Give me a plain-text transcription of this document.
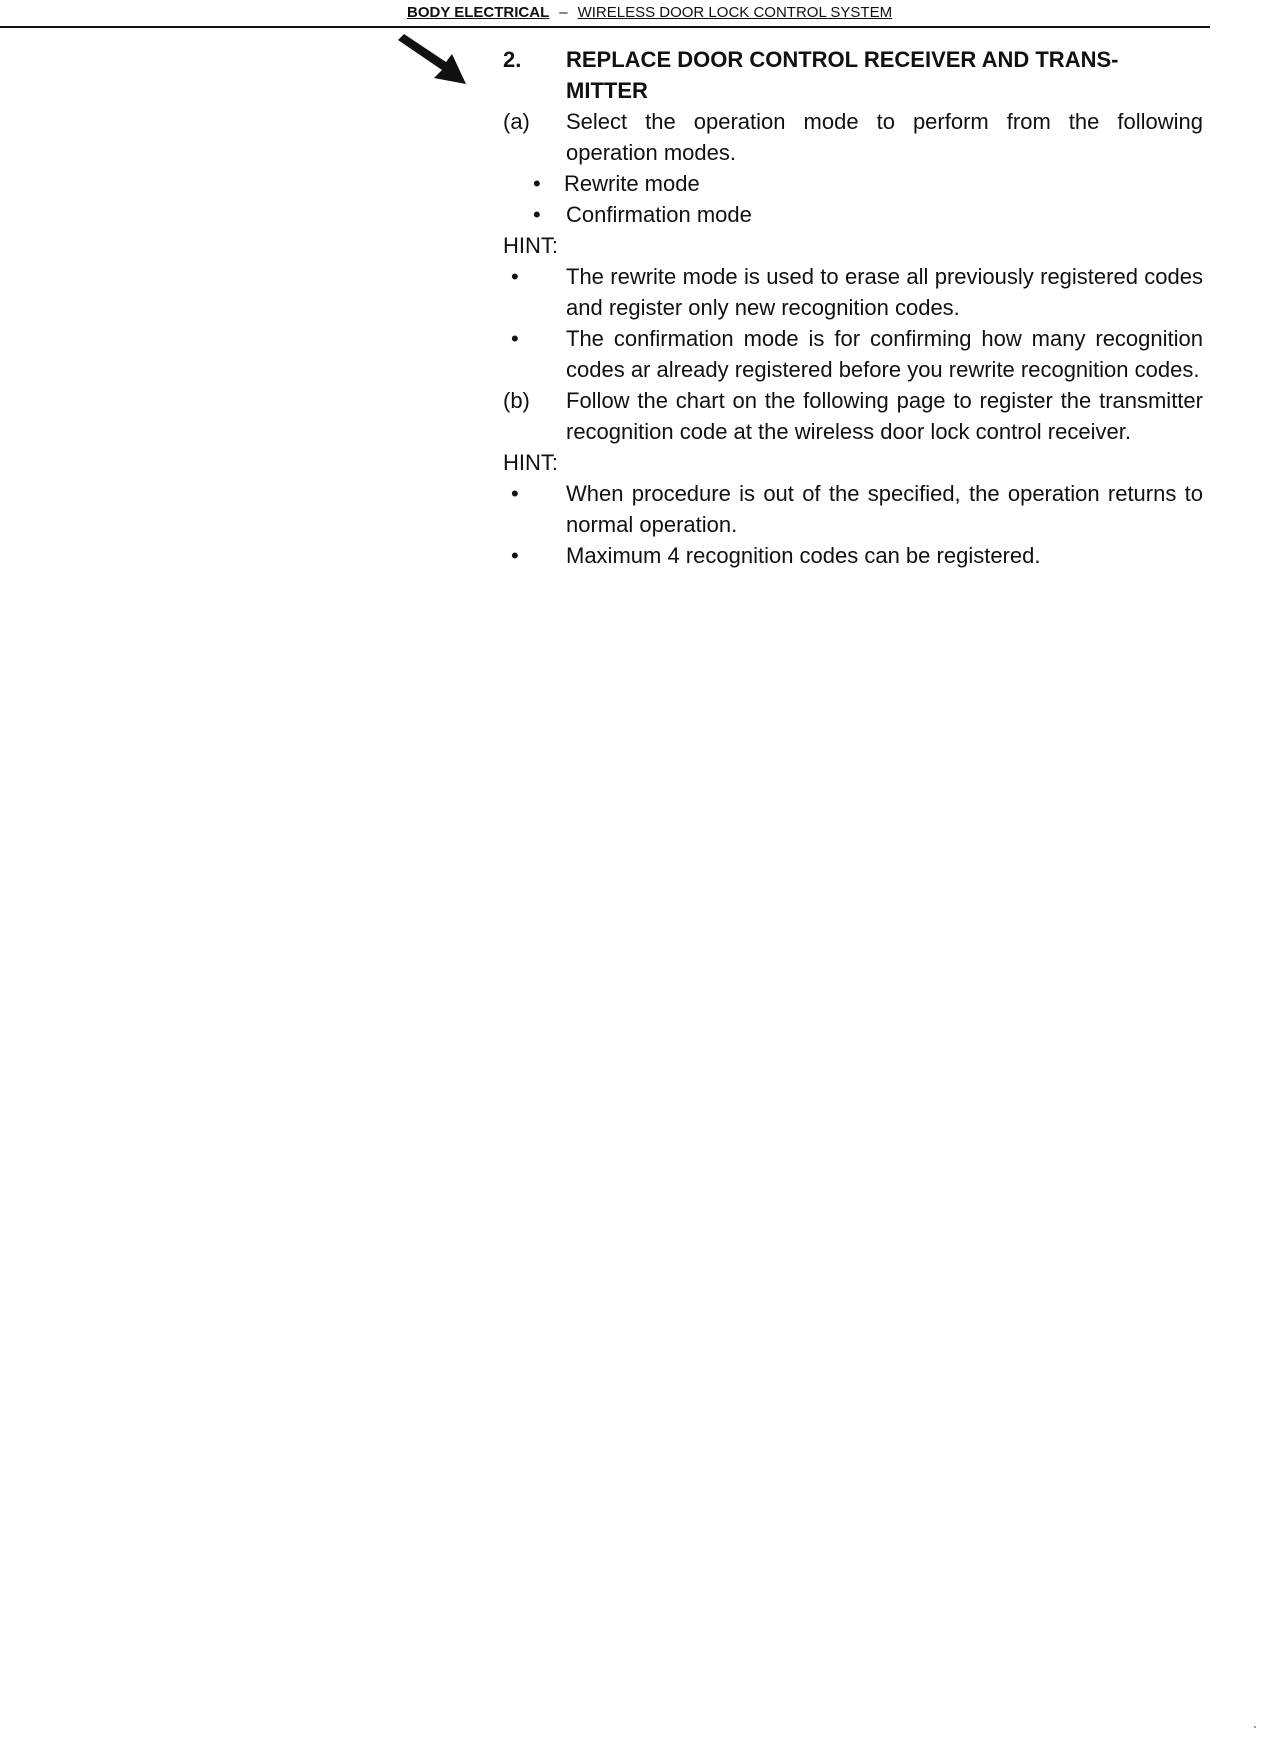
BODY ELECTRICAL – WIRELESS DOOR LOCK CONTROL SYSTEM
2. REPLACE DOOR CONTROL RECEIVER AND TRANS- MITTER
(a) Select the operation mode to perform from the following operation modes.
• Rewrite mode
• Confirmation mode
HINT:
• The rewrite mode is used to erase all previously registered codes and register only new recognition codes.
• The confirmation mode is for confirming how many recognition codes ar already registered before you rewrite recognition codes.
(b) Follow the chart on the following page to register the transmitter recognition code at the wireless door lock control receiver.
HINT:
• When procedure is out of the specified, the operation returns to normal operation.
• Maximum 4 recognition codes can be registered.
